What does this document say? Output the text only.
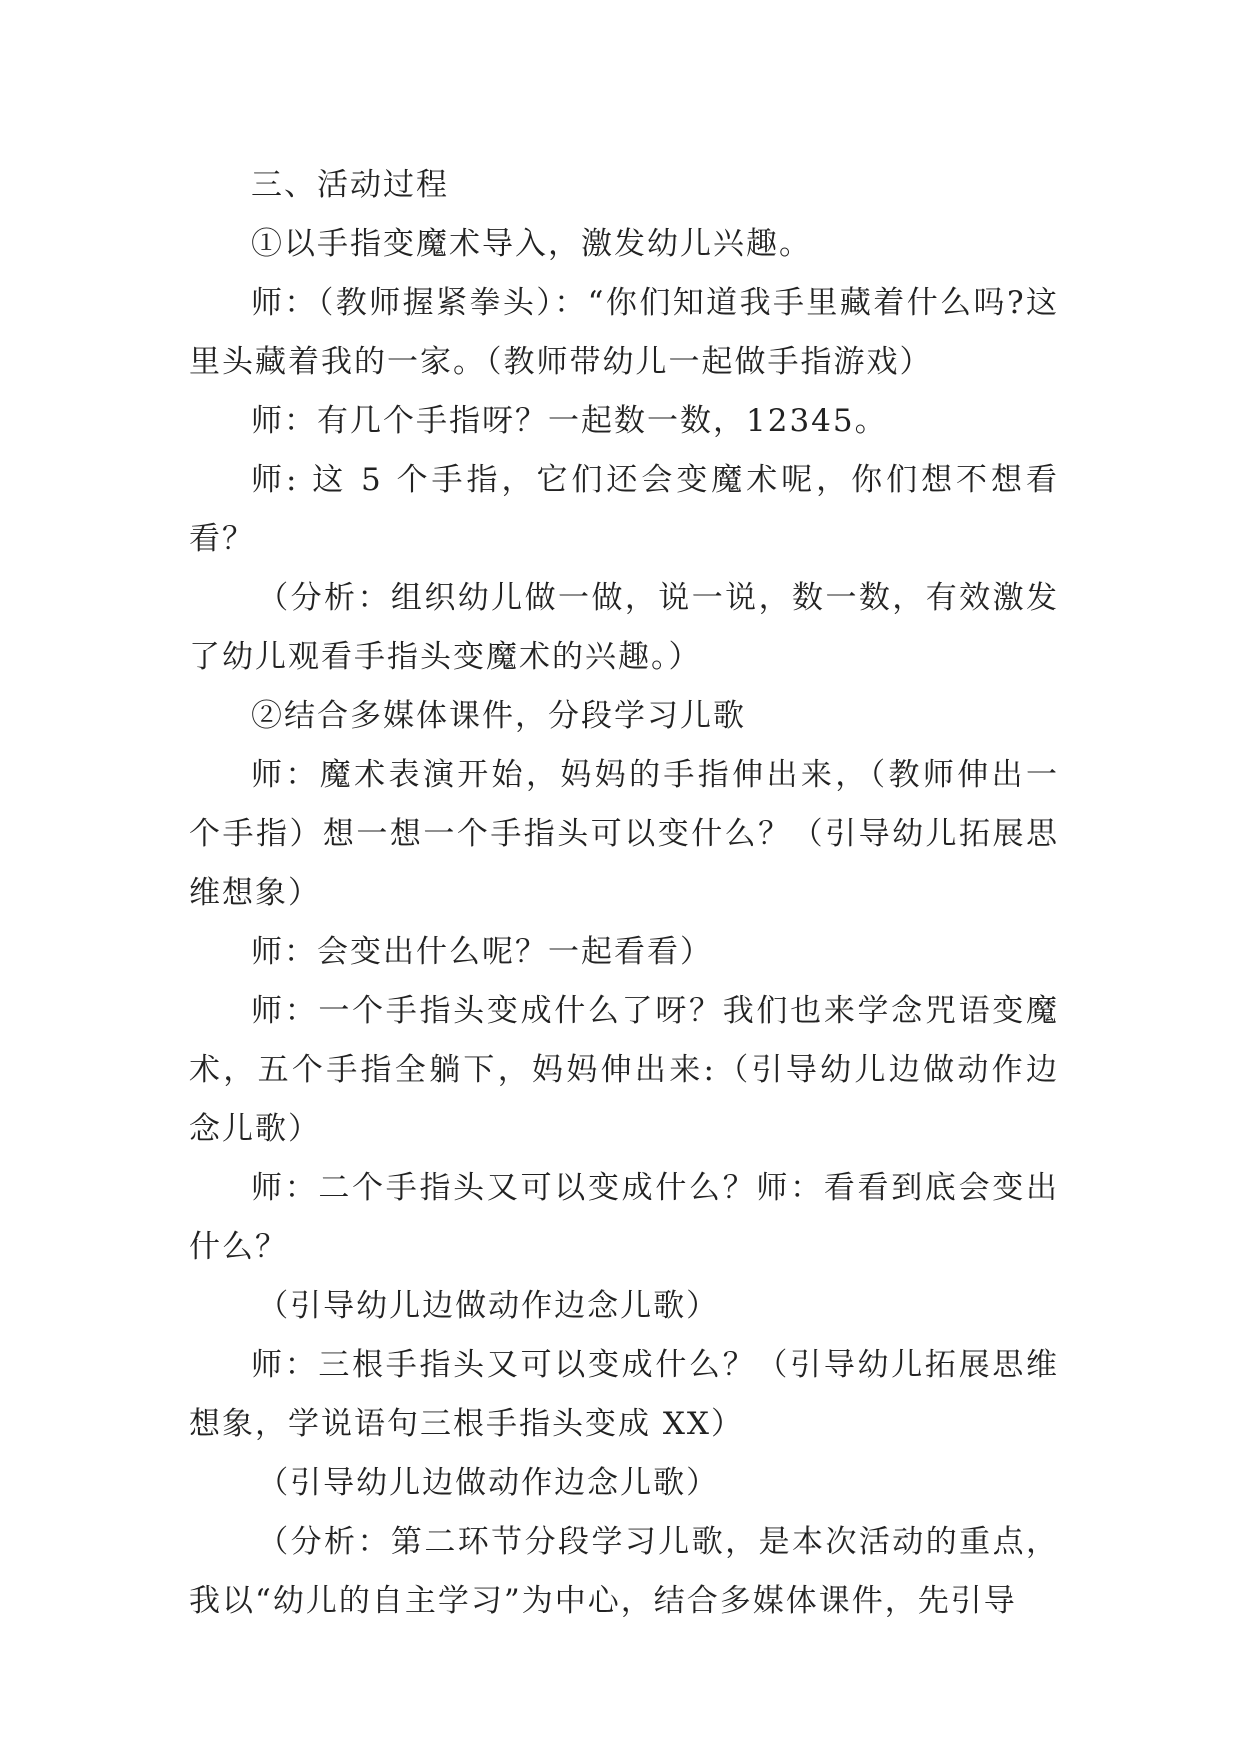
三、活动过程

①以手指变魔术导入，激发幼儿兴趣。

师：（教师握紧拳头）：“你们知道我手里藏着什么吗?这里头藏着我的一家。（教师带幼儿一起做手指游戏）

师：有几个手指呀？一起数一数，12345。

师: 这 5 个手指，它们还会变魔术呢，你们想不想看看？

（分析：组织幼儿做一做，说一说，数一数，有效激发了幼儿观看手指头变魔术的兴趣。）

②结合多媒体课件，分段学习儿歌

师：魔术表演开始，妈妈的手指伸出来，（教师伸出一个手指）想一想一个手指头可以变什么？（引导幼儿拓展思维想象）

师：会变出什么呢？一起看看）

师：一个手指头变成什么了呀？我们也来学念咒语变魔术，五个手指全躺下，妈妈伸出来:（引导幼儿边做动作边念儿歌）

师：二个手指头又可以变成什么？师：看看到底会变出什么？

（引导幼儿边做动作边念儿歌）

师：三根手指头又可以变成什么？（引导幼儿拓展思维想象，学说语句三根手指头变成 XX）

（引导幼儿边做动作边念儿歌）

（分析：第二环节分段学习儿歌，是本次活动的重点，我以“幼儿的自主学习”为中心，结合多媒体课件，先引导
